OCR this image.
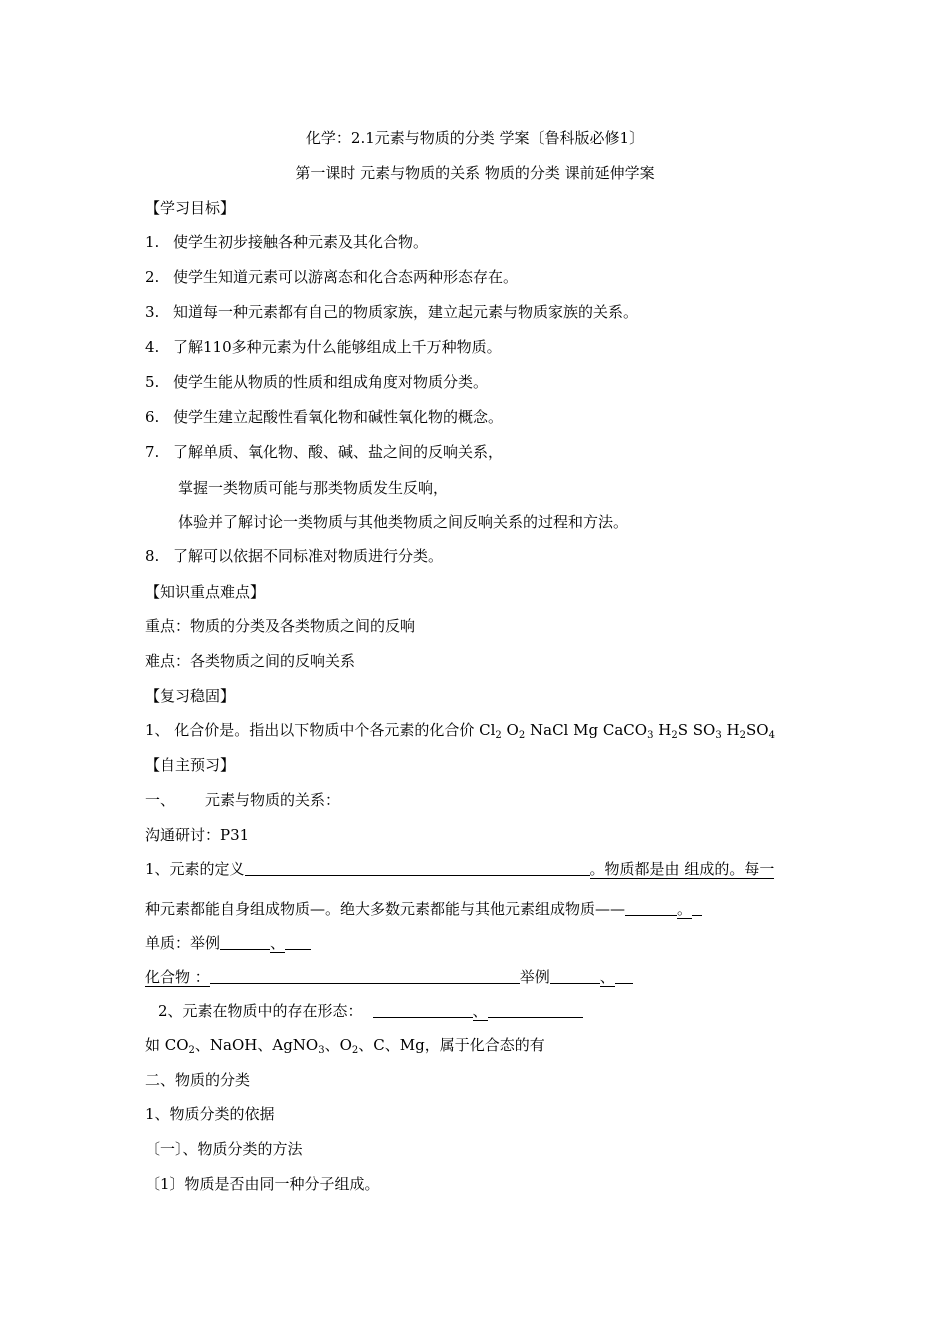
化学：2.1元素与物质的分类 学案〔鲁科版必修1〕
第一课时 元素与物质的关系 物质的分类 课前延伸学案
【学习目标】
1. 使学生初步接触各种元素及其化合物。
2. 使学生知道元素可以游离态和化合态两种形态存在。
3. 知道每一种元素都有自己的物质家族，建立起元素与物质家族的关系。
4. 了解110多种元素为什么能够组成上千万种物质。
5. 使学生能从物质的性质和组成角度对物质分类。
6. 使学生建立起酸性看氧化物和碱性氧化物的概念。
7. 了解单质、氧化物、酸、碱、盐之间的反响关系，
掌握一类物质可能与那类物质发生反响，
体验并了解讨论一类物质与其他类物质之间反响关系的过程和方法。
8. 了解可以依据不同标准对物质进行分类。
【知识重点难点】
重点：物质的分类及各类物质之间的反响
难点：各类物质之间的反响关系
【复习稳固】
1、 化合价是。指出以下物质中个各元素的化合价 $Cl_2$ $O_2$ NaCl Mg CaCO$_3$ $H_2S$ $SO_3$ $H_2SO_4$
【自主预习】
一、 元素与物质的关系：
沟通研讨：P31
1、元素的定义	。物质都是由 组成的。每一
种元素都能自身组成物质—。绝大多数元素都能与其他元素组成物质——	。
单质：举例	、
化合物 ：	举例	、
2、元素在物质中的存在形态：	、
如 $CO_2$、NaOH、AgNO$_3$、$O_2$、C、Mg，属于化合态的有
二、物质的分类
1、物质分类的依据
〔一〕、物质分类的方法
〔1〕物质是否由同一种分子组成。
